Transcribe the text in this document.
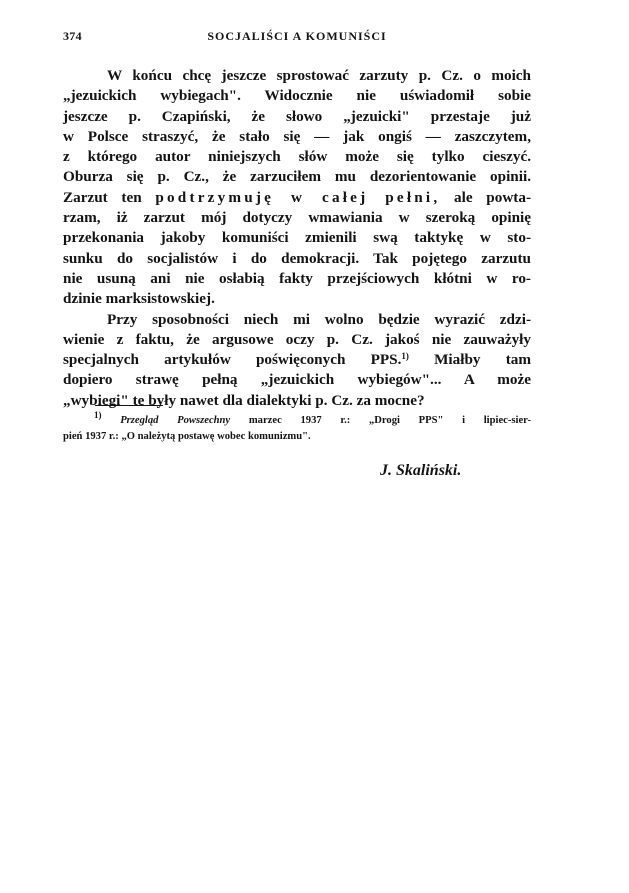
374	SOCJALIŚCI A KOMUNIŚCI
W końcu chcę jeszcze sprostować zarzuty p. Cz. o moich
„jezuickich wybiegach". Widocznie nie uświadomił sobie
jeszcze p. Czapiński, że słowo „jezuicki" przestaje już
w Polsce straszyć, że stało się — jak ongiś — zaszczytem,
z którego autor niniejszych słów może się tylko cieszyć.
Oburza się p. Cz., że zarzuciłem mu dezorientowanie opinii.
Zarzut ten podtrzymuję w całej pełni, ale powta-
rzam, iż zarzut mój dotyczy wmawiania w szeroką opinię
przekonania jakoby komuniści zmienili swą taktykę w sto-
sunku do socjalistów i do demokracji. Tak pojętego zarzutu
nie usuną ani nie osłabią fakty przejściowych kłótni w ro-
dzinie marksistowskiej.
Przy sposobności niech mi wolno będzie wyrazić zdzi-
wienie z faktu, że argusowe oczy p. Cz. jakoś nie zauważyły
specjalnych artykułów poświęconych PPS.$^{1)}$ Miałby tam
dopiero strawę pełną „jezuickich wybiegów"... A może
„wybiegi" te były nawet dla dialektyki p. Cz. za mocne?
$^{1)}$ Przegląd Powszechny marzec 1937 r.: „Drogi PPS" i lipiec-sier-
pień 1937 r.: „O należytą postawę wobec komunizmu".
J. Skaliński.
